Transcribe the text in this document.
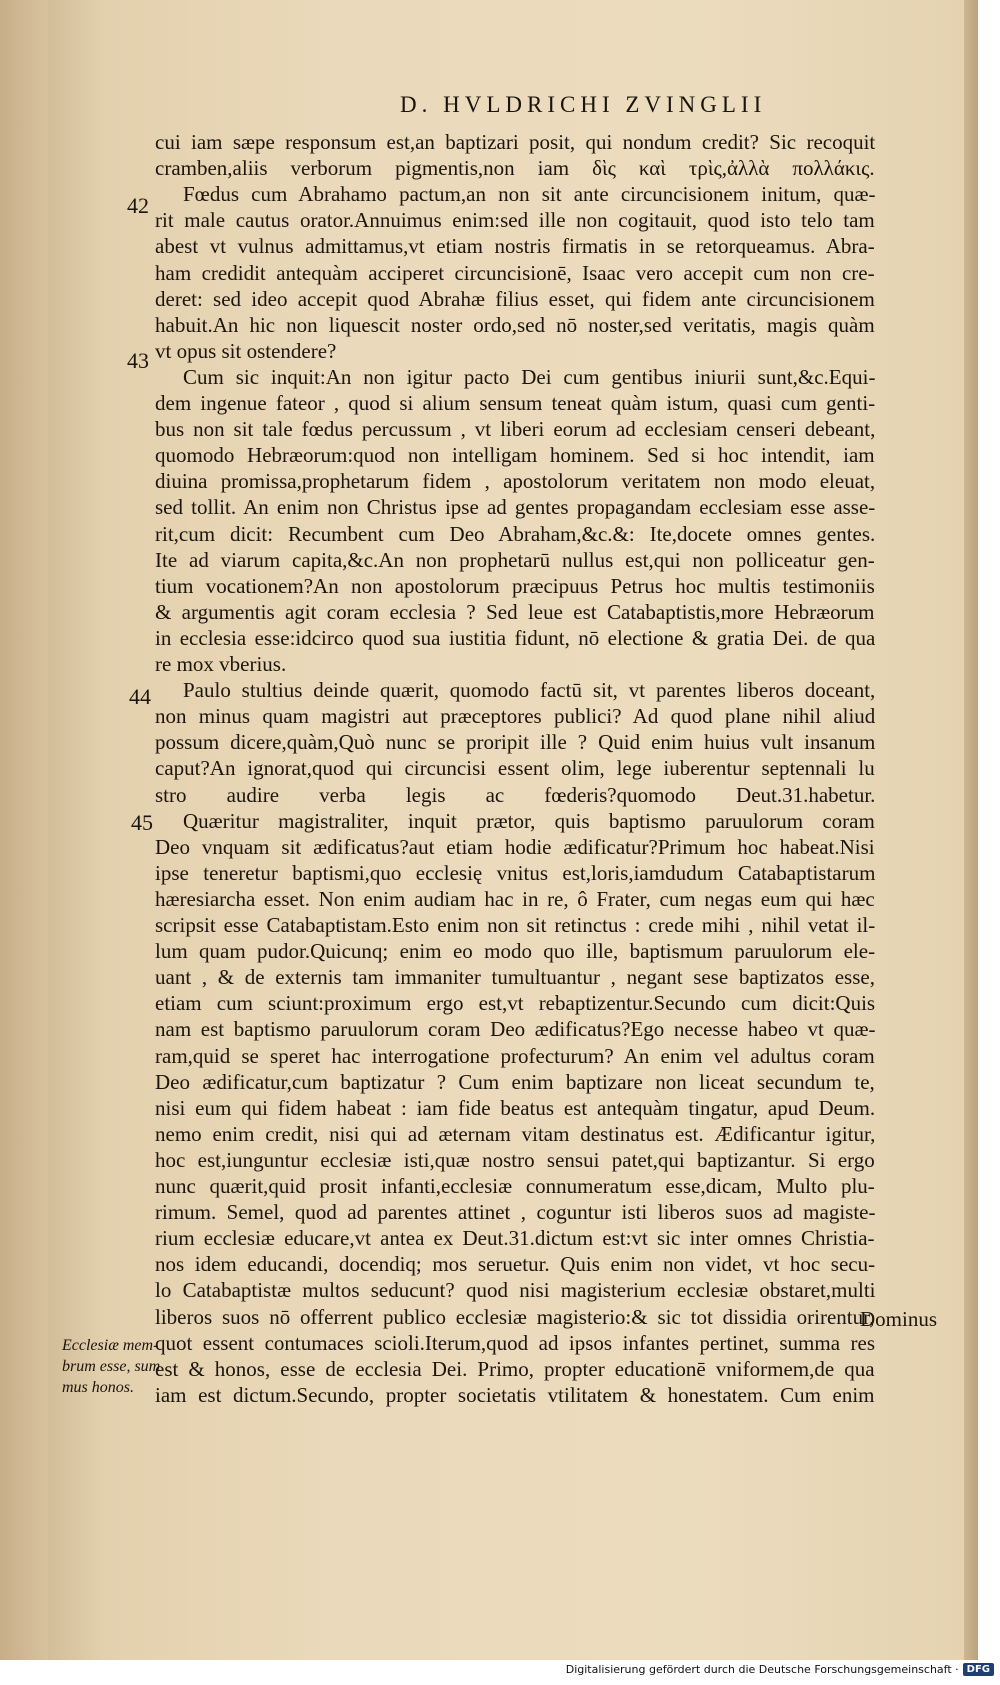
D. HVLDRICHI ZVINGLII
42
43
44
45
Ecclesiæ mem-
brum esse, sum
mus honos.
cui iam sæpe responsum est,an baptizari posit, qui nondum credit? Sic recoquit
cramben,aliis verborum pigmentis,non iam δὶς καὶ τρὶς,ἀλλὰ πολλάκις.
Fœdus cum Abrahamo pactum,an non sit ante circuncisionem initum, quæ-
rit male cautus orator.Annuimus enim:sed ille non cogitauit, quod isto telo tam
abest vt vulnus admittamus,vt etiam nostris firmatis in se retorqueamus. Abra-
ham credidit antequàm acciperet circuncisionē, Isaac vero accepit cum non cre-
deret: sed ideo accepit quod Abrahæ filius esset, qui fidem ante circuncisionem
habuit.An hic non liquescit noster ordo,sed nō noster,sed veritatis, magis quàm
vt opus sit ostendere?
Cum sic inquit:An non igitur pacto Dei cum gentibus iniurii sunt,&c.Equi-
dem ingenue fateor , quod si alium sensum teneat quàm istum, quasi cum genti-
bus non sit tale fœdus percussum , vt liberi eorum ad ecclesiam censeri debeant,
quomodo Hebræorum:quod non intelligam hominem. Sed si hoc intendit, iam
diuina promissa,prophetarum fidem , apostolorum veritatem non modo eleuat,
sed tollit. An enim non Christus ipse ad gentes propagandam ecclesiam esse asse-
rit,cum dicit: Recumbent cum Deo Abraham,&c.&: Ite,docete omnes gentes.
Ite ad viarum capita,&c.An non prophetarū nullus est,qui non polliceatur gen-
tium vocationem?An non apostolorum præcipuus Petrus hoc multis testimoniis
& argumentis agit coram ecclesia ? Sed leue est Catabaptistis,more Hebræorum
in ecclesia esse:idcirco quod sua iustitia fidunt, nō electione & gratia Dei. de qua
re mox vberius.
Paulo stultius deinde quærit, quomodo factū sit, vt parentes liberos doceant,
non minus quam magistri aut præceptores publici? Ad quod plane nihil aliud
possum dicere,quàm,Quò nunc se proripit ille ? Quid enim huius vult insanum
caput?An ignorat,quod qui circuncisi essent olim, lege iuberentur septennali lu
stro audire verba legis ac fœderis?quomodo Deut.31.habetur.
Quæritur magistraliter, inquit prætor, quis baptismo paruulorum coram
Deo vnquam sit ædificatus?aut etiam hodie ædificatur?Primum hoc habeat.Nisi
ipse teneretur baptismi,quo ecclesię vnitus est,loris,iamdudum Catabaptistarum
hæresiarcha esset. Non enim audiam hac in re, ô Frater, cum negas eum qui hæc
scripsit esse Catabaptistam.Esto enim non sit retinctus : crede mihi , nihil vetat il-
lum quam pudor.Quicunq; enim eo modo quo ille, baptismum paruulorum ele-
uant , & de externis tam immaniter tumultuantur , negant sese baptizatos esse,
etiam cum sciunt:proximum ergo est,vt rebaptizentur.Secundo cum dicit:Quis
nam est baptismo paruulorum coram Deo ædificatus?Ego necesse habeo vt quæ-
ram,quid se speret hac interrogatione profecturum? An enim vel adultus coram
Deo ædificatur,cum baptizatur ? Cum enim baptizare non liceat secundum te,
nisi eum qui fidem habeat : iam fide beatus est antequàm tingatur, apud Deum.
nemo enim credit, nisi qui ad æternam vitam destinatus est. Ædificantur igitur,
hoc est,iunguntur ecclesiæ isti,quæ nostro sensui patet,qui baptizantur. Si ergo
nunc quærit,quid prosit infanti,ecclesiæ connumeratum esse,dicam, Multo plu-
rimum. Semel, quod ad parentes attinet , coguntur isti liberos suos ad magiste-
rium ecclesiæ educare,vt antea ex Deut.31.dictum est:vt sic inter omnes Christia-
nos idem educandi, docendiq; mos seruetur. Quis enim non videt, vt hoc secu-
lo Catabaptistæ multos seducunt? quod nisi magisterium ecclesiæ obstaret,multi
liberos suos nō offerrent publico ecclesiæ magisterio:& sic tot dissidia orirentur,
quot essent contumaces scioli.Iterum,quod ad ipsos infantes pertinet, summa res
est & honos, esse de ecclesia Dei. Primo, propter educationē vniformem,de qua
iam est dictum.Secundo, propter societatis vtilitatem & honestatem. Cum enim
Dominus
Digitalisierung gefördert durch die Deutsche Forschungsgemeinschaft · DFG
